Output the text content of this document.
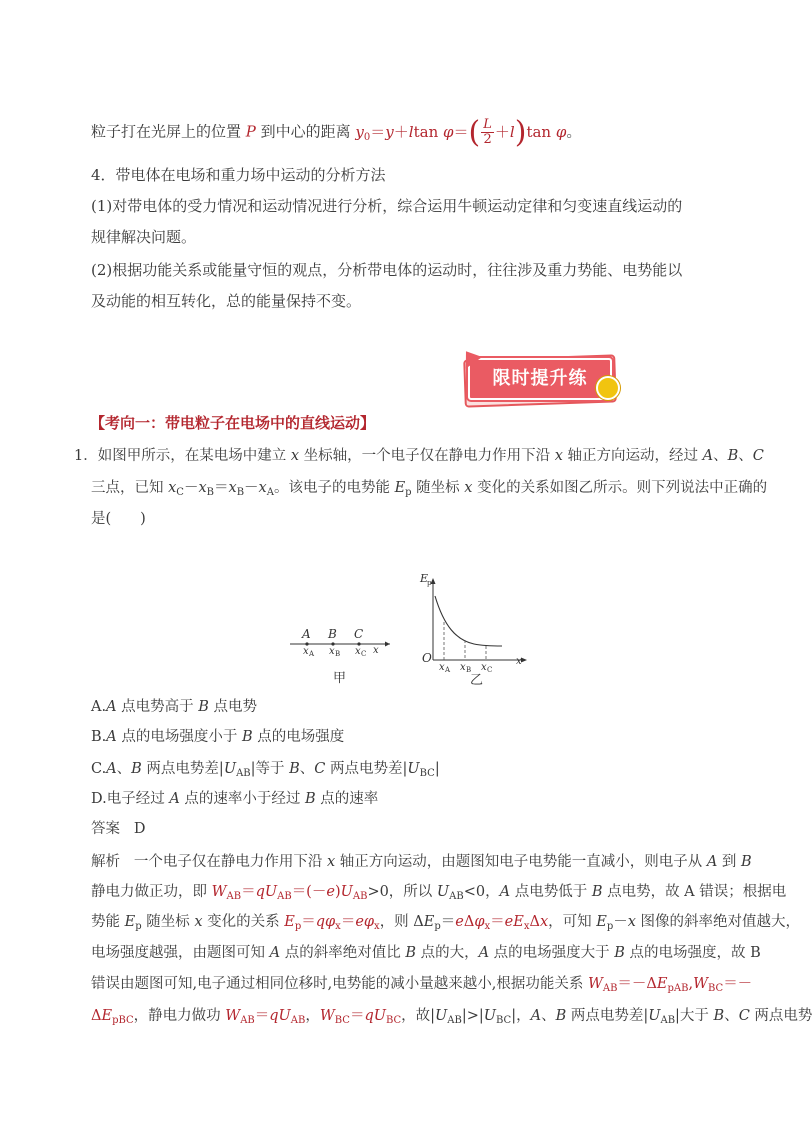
粒子打在光屏上的位置 P 到中心的距离 $y_0=y+ltan$ $\varphi=( \frac{L}{2} +l)\tan$ φ。
4．带电体在电场和重力场中运动的分析方法
(1)对带电体的受力情况和运动情况进行分析，综合运用牛顿运动定律和匀变速直线运动的
规律解决问题。
(2)根据功能关系或能量守恒的观点，分析带电体的运动时，往往涉及重力势能、电势能以
及动能的相互转化，总的能量保持不变。
限时提升练
【考向一：带电粒子在电场中的直线运动】
1．如图甲所示，在某电场中建立 x 坐标轴，一个电子仅在静电力作用下沿 x 轴正方向运动，经过 A、B、C
三点，已知 $x_C-x_B=x_B-x_A$。该电子的电势能 $E_p$ 随坐标 x 变化的关系如图乙所示。则下列说法中正确的
是(　　)
A B C
x A x B x C x
甲
E
p
O
x A x B x C
x
乙
A.A 点电势高于 B 点电势
B.A 点的电场强度小于 B 点的电场强度
C.A、B 两点电势差$|U_{AB}|$等于 B、C 两点电势差$|U_{BC}|$
D.电子经过 A 点的速率小于经过 B 点的速率
答案 D
解析 一个电子仅在静电力作用下沿 x 轴正方向运动，由题图知电子电势能一直减小，则电子从 A 到 B
静电力做正功，即 $W_{AB}=qU_{AB}=(-e)U_{AB}>0$，所以 $U_{AB}<0$，A 点电势低于 B 点电势，故 A 错误；根据电
势能 $E_p$ 随坐标 x 变化的关系 $E_p=q\varphi_x=e\varphi_x$，则 $\Delta E_p=e\Delta\varphi_x=eE_x\Delta x$，可知 $E_p-x$ 图像的斜率绝对值越大，
电场强度越强，由题图可知 A 点的斜率绝对值比 B 点的大，A 点的电场强度大于 B 点的电场强度，故 B
错误由题图可知,电子通过相同位移时,电势能的减小量越来越小,根据功能关系 $W_{AB}=-\Delta E_{pAB},W_{BC}=-$
$\Delta E_{pBC}$，静电力做功 $W_{AB}=qU_{AB}$，$W_{BC}=qU_{BC}$，故$|U_{AB}|>|U_{BC}|$，A、B 两点电势差$|U_{AB}|$大于 B、C 两点电势
